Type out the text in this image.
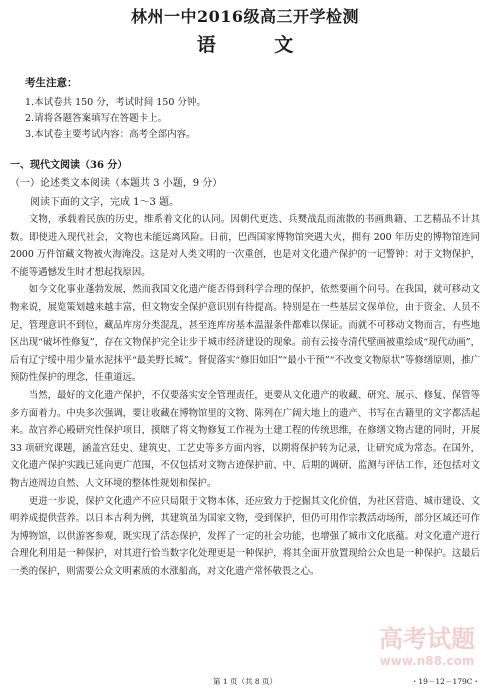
林州一中2016级高三开学检测
语 文
考生注意：
1.本试卷共 150 分，考试时间 150 分钟。
2.请将各题答案填写在答题卡上。
3.本试卷主要考试内容：高考全部内容。
一、现代文阅读（36 分）
（一）论述类文本阅读（本题共 3 小题，9 分）
阅读下面的文字，完成 1～3 题。

文物，承载着民族的历史，维系着文化的认同。因朝代更迭、兵燹战乱而流散的书画典籍、工艺精品不计其数。即使进入现代社会，文物也未能远离风险。日前，巴西国家博物馆突遇大火，拥有 200 年历史的博物馆连同 2000 万件馆藏文物被火海淹没。这是对人类文明的一次重创，也是对文化遗产保护的一记警钟：对于文物保护，不能等遇憾发生时才想起找原因。

如今文化事业蓬勃发展，然而我国文化遗产能否得到科学合理的保护，依然要画个问号。在我国，就可移动文物来说，展览策划越来越丰富，但文物安全保护意识别有待提高。特别是在一些基层文保单位，由于资金、人员不足，管理意识不到位，藏品库房分类混乱，甚至连库房基本温湿条件都难以保证。而就不可移动文物而言，有些地区出现“破坏性修复”，存在文物保护完全让步于城市经济建设的现象。前有云接寺清代壁画被重绘成“现代动画”，后有辽宁绥中用少量水泥抹平“最美野长城”。督促落实“修旧如旧”“最小干预”“不改变文物原状”等修缮原则，推广预防性保护的理念，任重道远。

当然，最好的文化遗产保护，不仅要落实安全管理责任，更要从文化遗产的收藏、研究、展示、修复、保管等多方面着力。中央多次强调，要让收藏在博物馆里的文物、陈列在广阔大地上的遗产、书写在古籍里的文字都活起来。故宫养心殿研究性保护项目，摸瞎了将文物修复工作视为土建工程的传统思维，在修缮文物古建的同时，开展 33 项研究课题，涵盖宫廷史、建筑史、工艺史等多方面内容，以期将保护转为记录，让研究成为常态。在国外，文化遗产保护实践已延向更广范围，不仅包括对文物古迹保护前、中、后期的调研、监测与评估工作，还包括对文物古迹周边自然、人文环境的整体性规划和保护。

更进一步说，保护文化遗产不应只局限于文物本体，还应致力于挖掘其文化价值，为社区营造、城市建设、文明养成提供营养。以日本古利为例，其建筑虽为国家文物，受到保护，但仍可用作宗教活动场所，部分区域还可作为博物馆，以供游客参观，既实现了活态保护，发挥了一定的社会功能，也增强了城市文化底蕴。对文化遗产进行合理化利用是一种保护，对其进行恰当数字化处理更是一种保护，将其全面开放置现给公众也是一种保护。这最后一类的保护，则需要公众文明素质的水涨船高，对文化遗产常怀敬畏之心。

高考试题
www.n88.com
第 1 页（共 8 页）	・19－12－179C・
